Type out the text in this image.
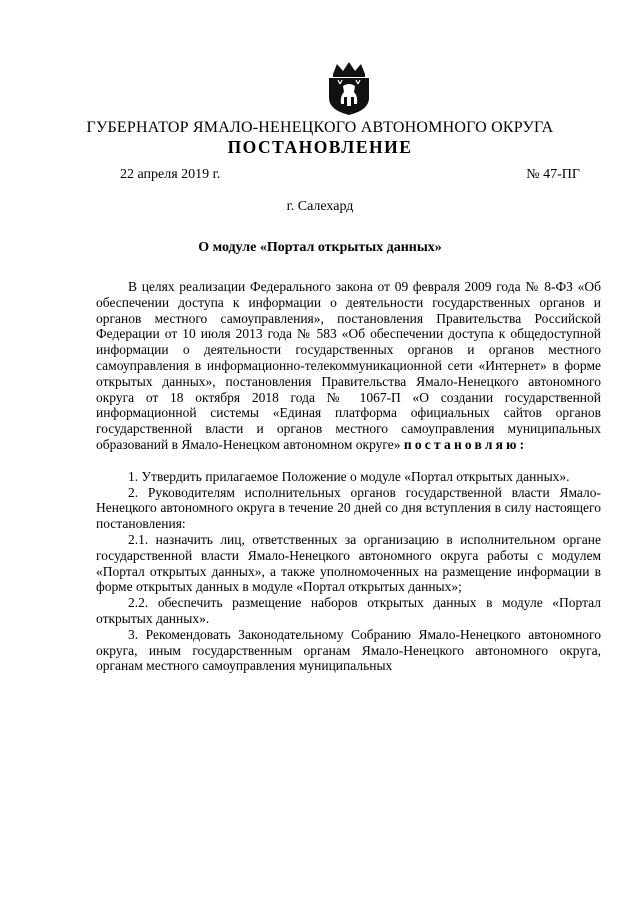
ГУБЕРНАТОР ЯМАЛО-НЕНЕЦКОГО АВТОНОМНОГО ОКРУГА
ПОСТАНОВЛЕНИЕ
22 апреля 2019 г.	№ 47-ПГ
г. Салехард
О модуле «Портал открытых данных»

В целях реализации Федерального закона от 09 февраля 2009 года № 8-ФЗ «Об обеспечении доступа к информации о деятельности государственных органов и органов местного самоуправления», постановления Правительства Российской Федерации от 10 июля 2013 года № 583 «Об обеспечении доступа к общедоступной информации о деятельности государственных органов и органов местного самоуправления в информационно-телекоммуникационной сети «Интернет» в форме открытых данных», постановления Правительства Ямало-Ненецкого автономного округа от 18 октября 2018 года № 1067-П «О создании государственной информационной системы «Единая платформа официальных сайтов органов государственной власти и органов местного самоуправления муниципальных образований в Ямало-Ненецком автономном округе» постановляю:

1. Утвердить прилагаемое Положение о модуле «Портал открытых данных».

2. Руководителям исполнительных органов государственной власти Ямало-Ненецкого автономного округа в течение 20 дней со дня вступления в силу настоящего постановления:

2.1. назначить лиц, ответственных за организацию в исполнительном органе государственной власти Ямало-Ненецкого автономного округа работы с модулем «Портал открытых данных», а также уполномоченных на размещение информации в форме открытых данных в модуле «Портал открытых данных»;

2.2. обеспечить размещение наборов открытых данных в модуле «Портал открытых данных».

3. Рекомендовать Законодательному Собранию Ямало-Ненецкого автономного округа, иным государственным органам Ямало-Ненецкого автономного округа, органам местного самоуправления муниципальных
